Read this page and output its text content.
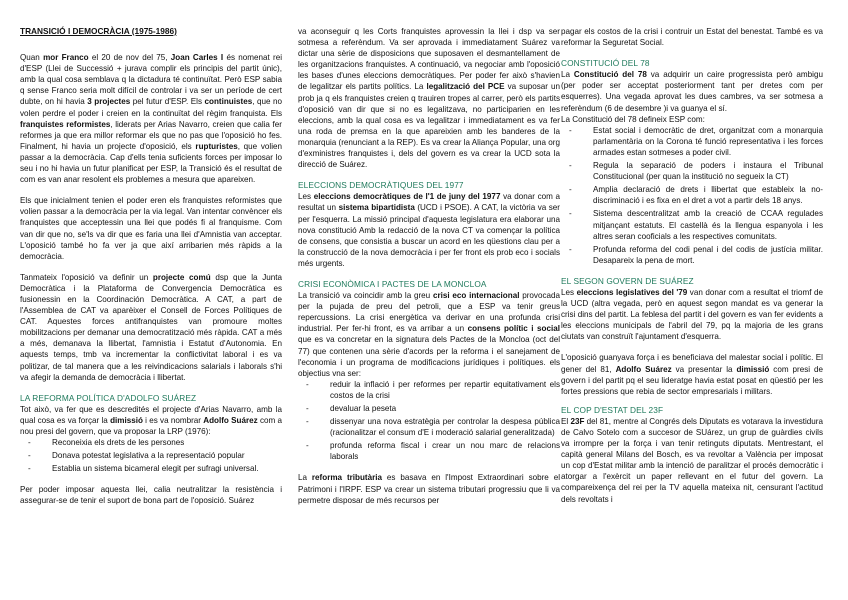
TRANSICIÓ I DEMOCRÀCIA (1975-1986)

Quan mor Franco el 20 de nov del 75, Joan Carles I és nomenat rei d'ESP (Llei de Successió + jurava complir els principis del partit únic), amb la qual cosa semblava q la dictadura té continuïtat. Però ESP sabia q sense Franco seria molt difícil de controlar i va ser un període de cert dubte, on hi havia 3 projectes pel futur d'ESP. Els continuistes, que no volen perdre el poder i creien en la continuïtat del règim franquista. Els franquistes reformistes, liderats per Arias Navarro, creien que calia fer reformes ja que era millor reformar els que no pas que l'oposició ho fes. Finalment, hi havia un projecte d'oposició, els rupturistes, que volien passar a la democràcia. Cap d'ells tenia suficients forces per imposar lo seu i no hi havia un futur planificat per ESP, la Transició és el resultat de com es van anar resolent els problemes a mesura que apareixen.

Els que inicialment tenien el poder eren els franquistes reformistes que volien passar a la democràcia per la via legal. Van intentar convèncer els franquistes que acceptessin una llei que podés fi al franquisme. Com van dir que no, se'ls va dir que es faria una llei d'Amnistia van acceptar. L'oposició també ho fa ver ja que així arribarien més ràpids a la democràcia.

Tanmateix l'oposició va definir un projecte comú dsp que la Junta Democràtica i la Plataforma de Convergencia Democràtica es fusionessin en la Coordinación Democràtica. A CAT, a part de l'Assemblea de CAT va aparèixer el Consell de Forces Polítiques de CAT. Aquestes forces antifranquistes van promoure moltes mobilitzacions per demanar una democratització més ràpida. CAT a més a més, demanava la llibertat, l'amnistia i Estatut d'Autonomia. En aquests temps, tmb va incrementar la conflictivitat laboral i es va politizar, de tal manera que a les reivindicacions salarials i laborals s'hi va afegir la demanda de democràcia i llibertat.

LA REFORMA POLÍTICA D'ADOLFO SUÁREZ

Tot això, va fer que es descredités el projecte d'Arias Navarro, amb la qual cosa es va forçar la dimissió i es va nombrar Adolfo Suárez com a nou presi del govern, que va proposar la LRP (1976):

- Reconeixia els drets de les persones
- Donava potestat legislativa a la representació popular
- Establia un sistema bicameral elegit per sufragi universal.

Per poder imposar aquesta llei, calia neutralitzar la resistència i assegurar-se de tenir el suport de bona part de l'oposició. Suárez

va aconseguir q les Corts franquistes aprovessin la llei i dsp va ser sotmesa a referèndum. Va ser aprovada i immediatament Suárez va dictar una sèrie de disposicions que suposaven el desmantellament de les organitzacions franquistes. A continuació, va negociar amb l'oposició les bases d'unes eleccions democràtiques. Per poder fer això s'havien de legalitzar els partits polítics. La legalització del PCE va suposar un prob ja q els franquistes creien q trauiren tropes al carrer, però els partits d'oposició van dir que si no es legalitzava, no participarien en les eleccions, amb la qual cosa es va legalitzar i immediatament es va fer una roda de premsa en la que apareixien amb les banderes de la monarquia (renunciant a la REP). Es va crear la Aliança Popular, una org d'exministres franquistes i, dels del govern es va crear la UCD sota la direcció de Suárez.

ELECCIONS DEMOCRÀTIQUES DEL 1977

Les eleccions democràtiques de l'1 de juny del 1977 va donar com a resultat un sistema bipartidista (UCD i PSOE). A CAT, la victòria va ser per l'esquerra. La missió principal d'aquesta legislatura era elaborar una nova constitució Amb la redacció de la nova CT va començar la política de consens, que consistia a buscar un acord en les qüestions clau per a la construcció de la nova democràcia i per fer front els prob eco i socials més urgents.

CRISI ECONÒMICA I PACTES DE LA MONCLOA

La transició va coincidir amb la greu crisi eco internacional provocada per la pujada de preu del petroli, que a ESP va tenir greus repercussions. La crisi energètica va derivar en una profunda crisi industrial. Per fer-hi front, es va arribar a un consens polític i social que es va concretar en la signatura dels Pactes de la Moncloa (oct del 77) que contenen una sèrie d'acords per la reforma i el sanejament de l'economia i un programa de modificacions jurídiques i polítiques. els objectius vna ser:

- reduir la inflació i per reformes per repartir equitativament els costos de la crisi
- devaluar la peseta
- dissenyar una nova estratègia per controlar la despesa pública (racionalitzar el consum d'E i moderació salarial generalitzada)
- profunda reforma fiscal i crear un nou marc de relacions laborals

La reforma tributària es basava en l'Impost Extraordinari sobre el Patrimoni i l'IRPF. ESP va crear un sistema tributari progressiu que li va permetre disposar de més recursos per

pagar els costos de la crisi i contruir un Estat del benestat. També es va reformar la Seguretat Social.

CONSTITUCIÓ DEL 78

La Constitució del 78 va adquirir un caire progressista però ambigu (per poder ser acceptat posteriorment tant per dretes com per esquerres). Una vegada aprovat les dues cambres, va ser sotmesa a referèndum (6 de desembre )i va guanya el sí.

La Constitució del 78 defineix ESP com:

- Estat social i democràtic de dret, organitzat com a monarquia parlamentària on la Corona té funció representativa i les forces armades estan sotmeses a poder civil.
- Regula la separació de poders i instaura el Tribunal Constitucional (per quan la institució no segueix la CT)
- Amplia declaració de drets i llibertat que estableix la no-discriminació i es fixa en el dret a vot a partir dels 18 anys.
- Sistema descentralitzat amb la creació de CCAA regulades mitjançant estatuts. El castellà és la llengua espanyola i les altres seran cooficials a les respectives comunitats.
- Profunda reforma del codi penal i del codis de justícia militar. Desapareix la pena de mort.
EL SEGON GOVERN DE SUÁREZ

Les eleccions legislatives del '79 van donar com a resultat el triomf de la UCD (altra vegada, però en aquest segon mandat es va generar la crisi dins del partit. La feblesa del partit i del govern es van fer evidents a les eleccions municipals de l'abril del 79, pq la majoria de les grans ciutats van construït l'ajuntament d'esquerra.

L'oposició guanyava força i es beneficiava del malestar social i polític. El gener del 81, Adolfo Suárez va presentar la dimissió com presi de govern i del partit pq el seu lideratge havia estat posat en qüestió per les fortes pressions que rebia de sector empresarials i militars.

EL COP D'ESTAT DEL 23F

El 23F del 81, mentre al Congrés dels Diputats es votarava la investidura de Calvo Sotelo com a succesor de SUárez, un grup de guàrdies civils va irrompre per la força i van tenir retinguts diputats. Mentrestant, el capità general Milans del Bosch, es va revoltar a València per imposat un cop d'Estat militar amb la intenció de paralitzar el procés democràtic i atorgar a l'exèrcit un paper rellevant en el futur del govern. La compareixença del rei per la TV aquella mateixa nit, censurant l'actitud dels revoltats i
